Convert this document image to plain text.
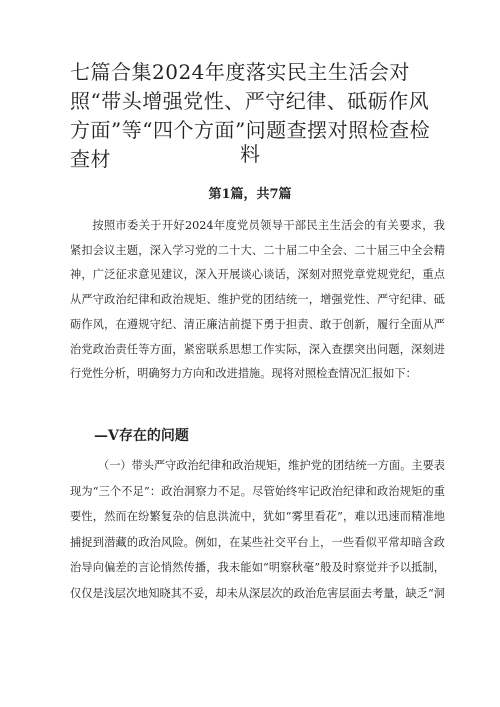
七篇合集2024年度落实民主生活会对照“带头增强党性、严守纪律、砥砺作风方面”等“四个方面”问题查摆对照检查检查材	料
第1篇，共7篇
按照市委关于开好2024年度党员领导干部民主生活会的有关要求，我紧扣会议主题，深入学习党的二十大、二十届二中全会、二十届三中全会精神，广泛征求意见建议，深入开展谈心谈话，深刻对照党章党规党纪，重点从严守政治纪律和政治规矩、维护党的团结统一，增强党性、严守纪律、砥砺作风，在遵规守纪、清正廉洁前提下勇于担责、敢于创新，履行全面从严治党政治责任等方面，紧密联系思想工作实际，深入查摆突出问题，深刻进行党性分析，明确努力方向和改进措施。现将对照检查情况汇报如下：
—V存在的问题
（一）带头严守政治纪律和政治规矩，维护党的团结统一方面。主要表现为“三个不足”：政治洞察力不足。尽管始终牢记政治纪律和政治规矩的重要性，然而在纷繁复杂的信息洪流中，犹如“雾里看花”，难以迅速而精准地捕捉到潜藏的政治风险。例如，在某些社交平台上，一些看似平常却暗含政治导向偏差的言论悄然传播，我未能如“明察秋毫”般及时察觉并予以抵制，仅仅是浅层次地知晓其不妥，却未从深层次的政治危害层面去考量，缺乏“洞
